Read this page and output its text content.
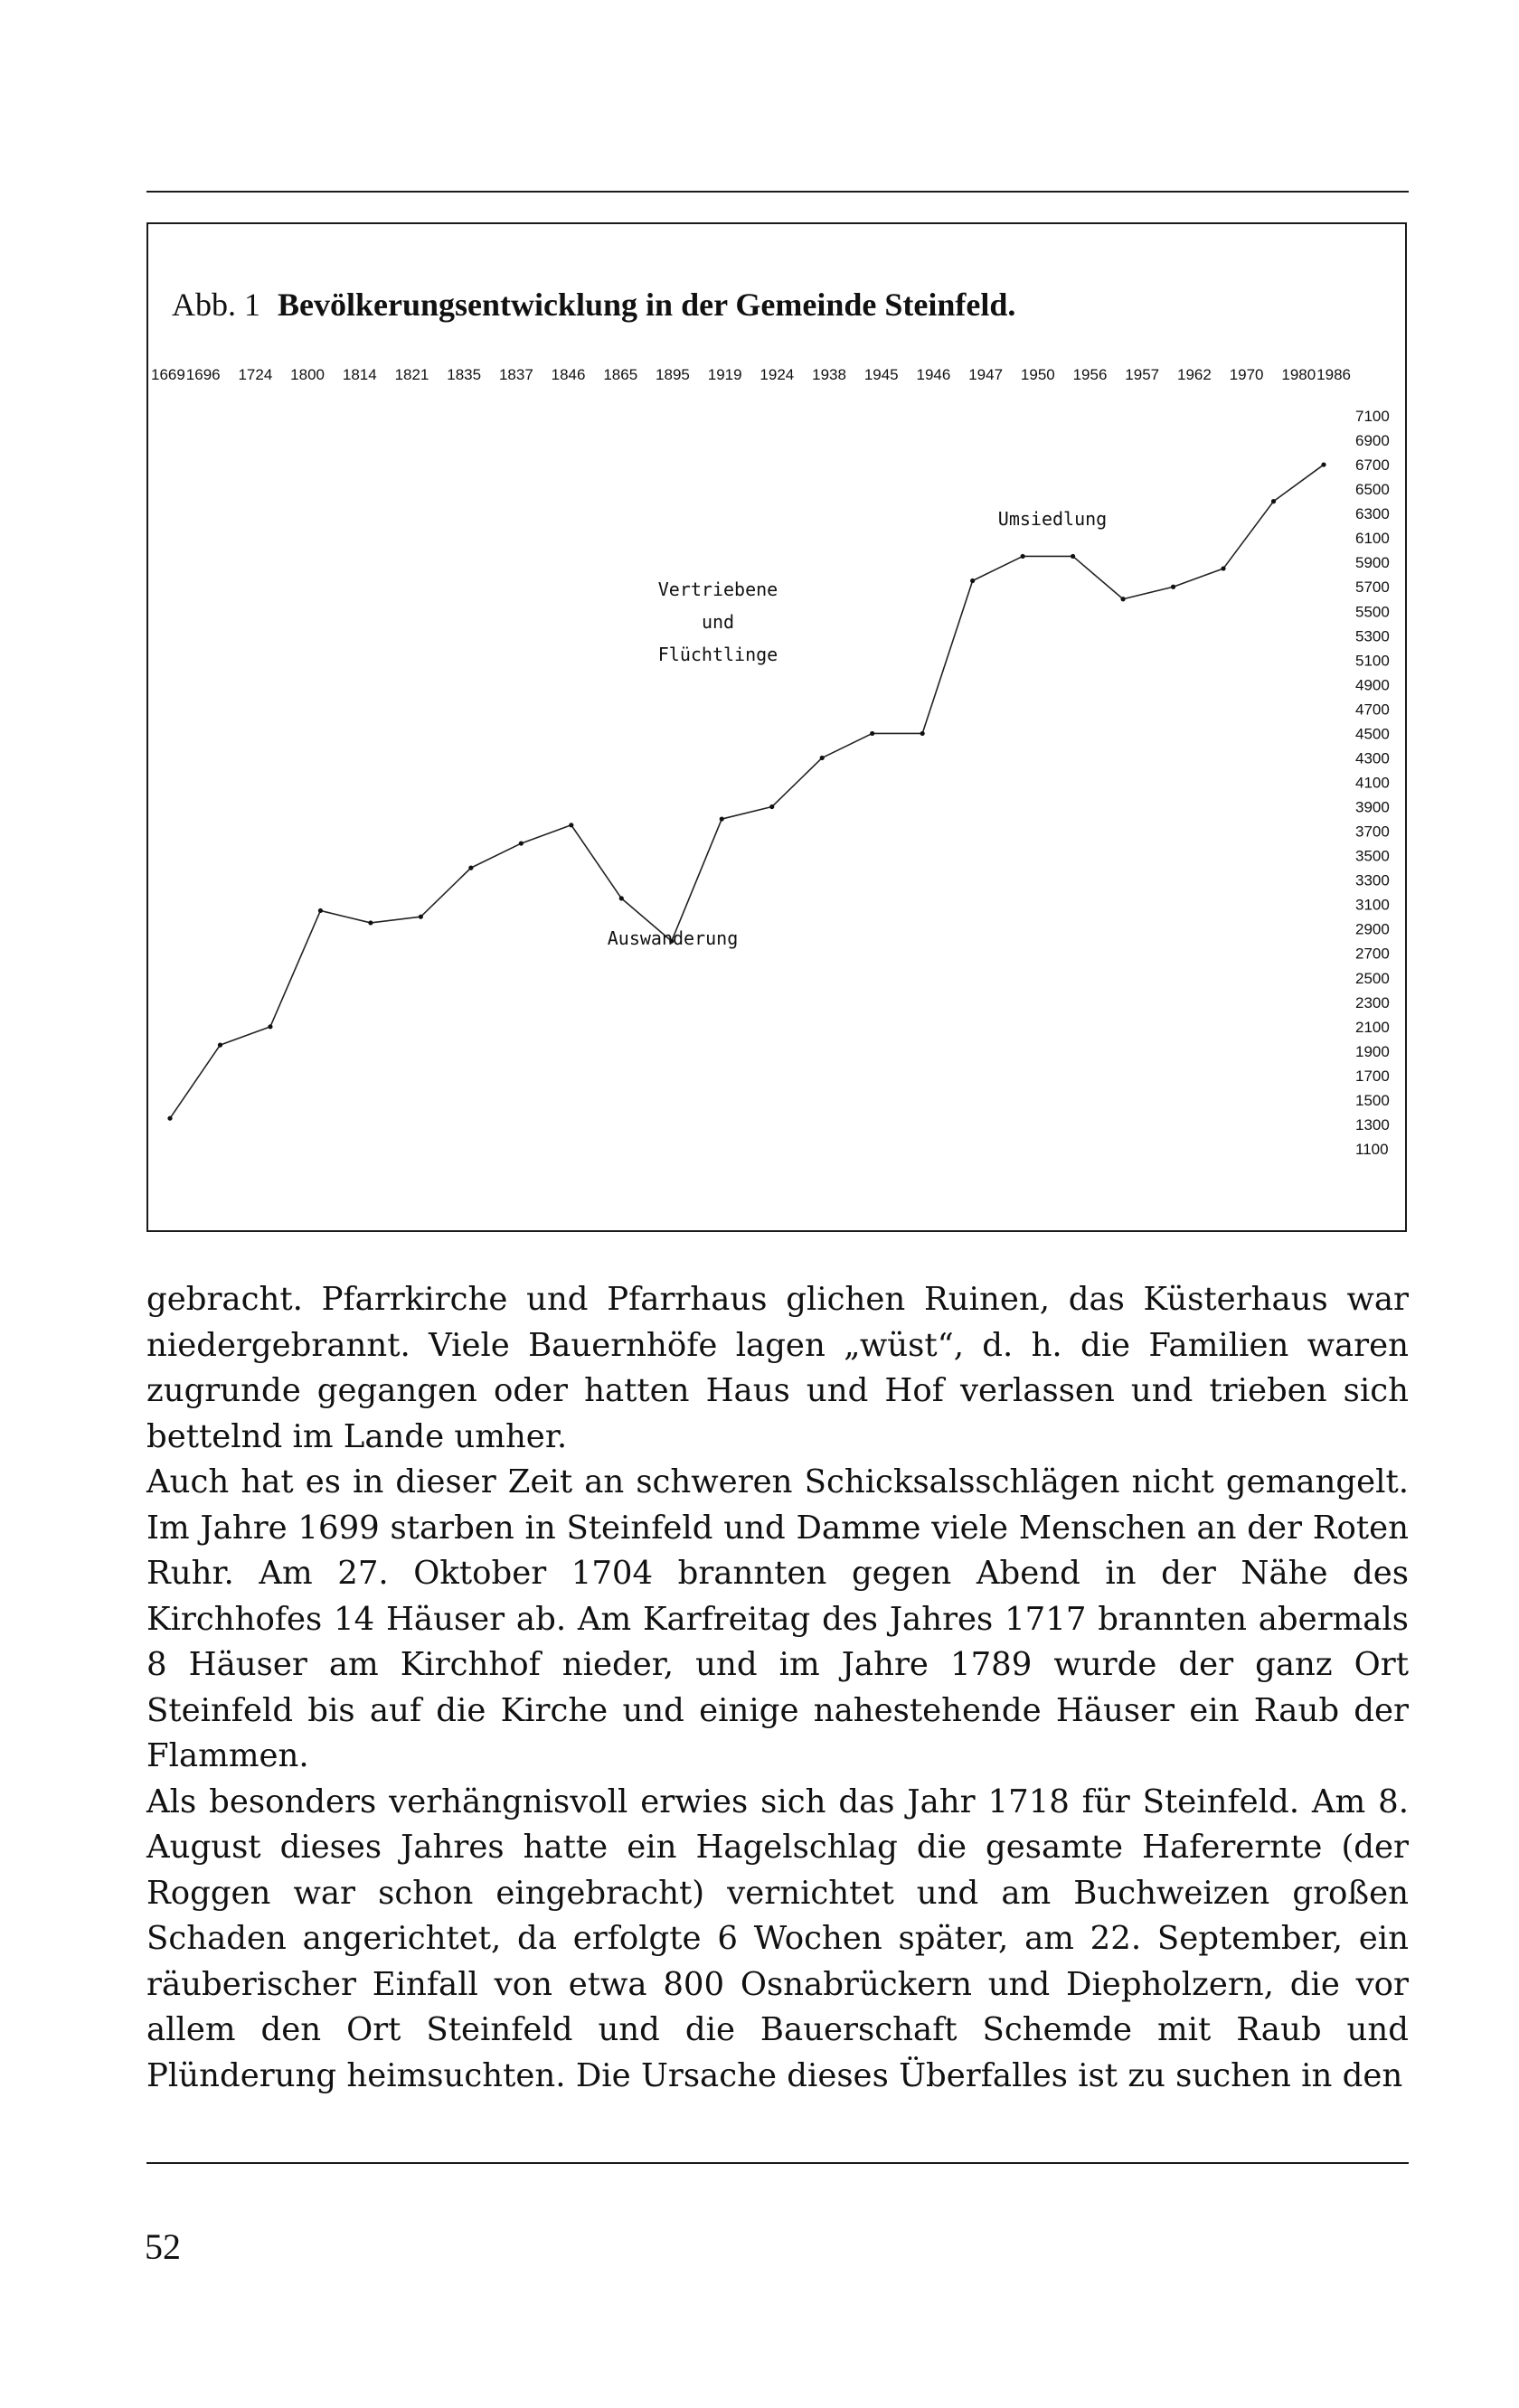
1669 1696 1724 1800 1814 1821 1835 1837 1846 1865 1895 1919 1924 1938 1945 1946 1947 1950 1956 1957 1962 1970 1980 1986
7100
6900
6700
6500
6300
6100
5900
5700
5500
5300
5100
4900
4700
4500
4300
4100
3900
3700
3500
3300
3100
2900
2700
2500
2300
2100
1900
1700
1500
1300
1100
Auswanderung
Vertriebene
und
Flüchtlinge
Umsiedlung
Abb. 1 Bevölkerungsentwicklung in der Gemeinde Steinfeld.

gebracht. Pfarrkirche und Pfarrhaus glichen Ruinen, das Küsterhaus war niedergebrannt. Viele Bauernhöfe lagen „wüst“, d. h. die Familien waren zugrunde gegangen oder hatten Haus und Hof verlassen und trieben sich bettelnd im Lande umher.

Auch hat es in dieser Zeit an schweren Schicksalsschlägen nicht gemangelt. Im Jahre 1699 starben in Steinfeld und Damme viele Menschen an der Roten Ruhr. Am 27. Oktober 1704 brannten gegen Abend in der Nähe des Kirchhofes 14 Häuser ab. Am Karfreitag des Jahres 1717 brannten abermals 8 Häuser am Kirchhof nieder, und im Jahre 1789 wurde der ganz Ort Steinfeld bis auf die Kirche und einige nahestehende Häuser ein Raub der Flammen.

Als besonders verhängnisvoll erwies sich das Jahr 1718 für Steinfeld. Am 8. August dieses Jahres hatte ein Hagelschlag die gesamte Haferernte (der Roggen war schon eingebracht) vernichtet und am Buchweizen großen Schaden angerichtet, da erfolgte 6 Wochen später, am 22. September, ein räuberischer Einfall von etwa 800 Osnabrückern und Diepholzern, die vor allem den Ort Steinfeld und die Bauerschaft Schemde mit Raub und Plünderung heimsuchten. Die Ursache dieses Überfalles ist zu suchen in den

52
